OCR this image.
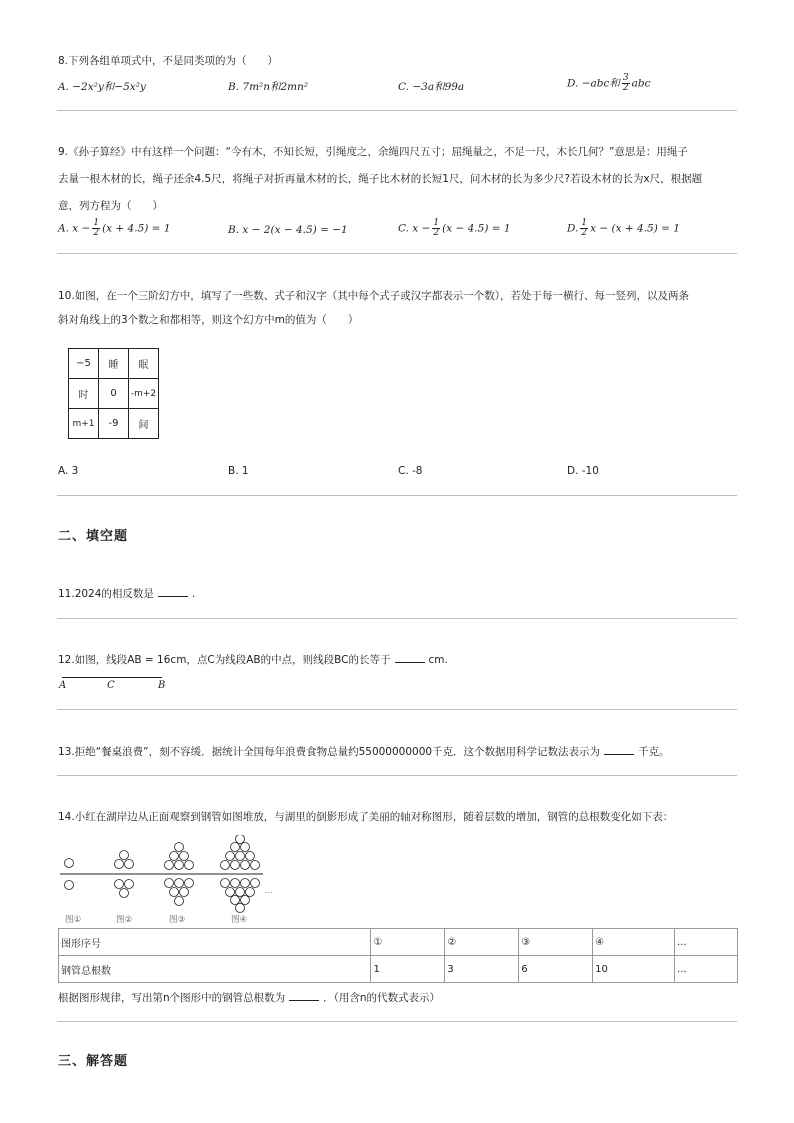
8.下列各组单项式中，不是同类项的为（　　）
A. −2x²y和−5x²y	B. 7m²n和2mn²	C. −3a和99a	D. −abc和 $\frac{3}{2}$ abc
9.《孙子算经》中有这样一个问题：“今有木，不知长短，引绳度之，余绳四尺五寸；屈绳量之，不足一尺，木长几何？”意思是：用绳子
去量一根木材的长，绳子还余4.5尺，将绳子对折再量木材的长，绳子比木材的长短1尺，问木材的长为多少尺?若设木材的长为x尺，根据题
意，列方程为（　　）
A. $x - \frac{1}{2} (x + 4.5) = 1$	B. x − 2(x − 4.5) = −1	C. $x - \frac{1}{2} (x - 4.5) = 1$	D. $\frac{1}{2}$ x − (x + 4.5) = 1
10.如图，在一个三阶幻方中，填写了一些数、式子和汉字（其中每个式子或汉字都表示一个数），若处于每一横行、每一竖列，以及两条
斜对角线上的3个数之和都相等，则这个幻方中m的值为（　　）
−5	睡	眠
时	0	-m+2
m+1	-9	间
A. 3	B. 1	C. -8	D. -10
二、填空题
11.2024的相反数是	.
12.如图，线段AB = 16cm，点C为线段AB的中点，则线段BC的长等于	cm.
A	C	B
13.拒绝“餐桌浪费”，刻不容缓．据统计全国每年浪费食物总量约55000000000千克．这个数据用科学记数法表示为	千克。
14.小红在湖岸边从正面观察到钢管如图堆放，与湖里的倒影形成了美丽的轴对称图形，随着层数的增加，钢管的总根数变化如下表：
...
图①	图②	图③	图④
图形序号	①	②	③	④	...
钢管总根数	1	3	6	10	...
根据图形规律，写出第n个图形中的钢管总根数为	．（用含n的代数式表示）
三、解答题
